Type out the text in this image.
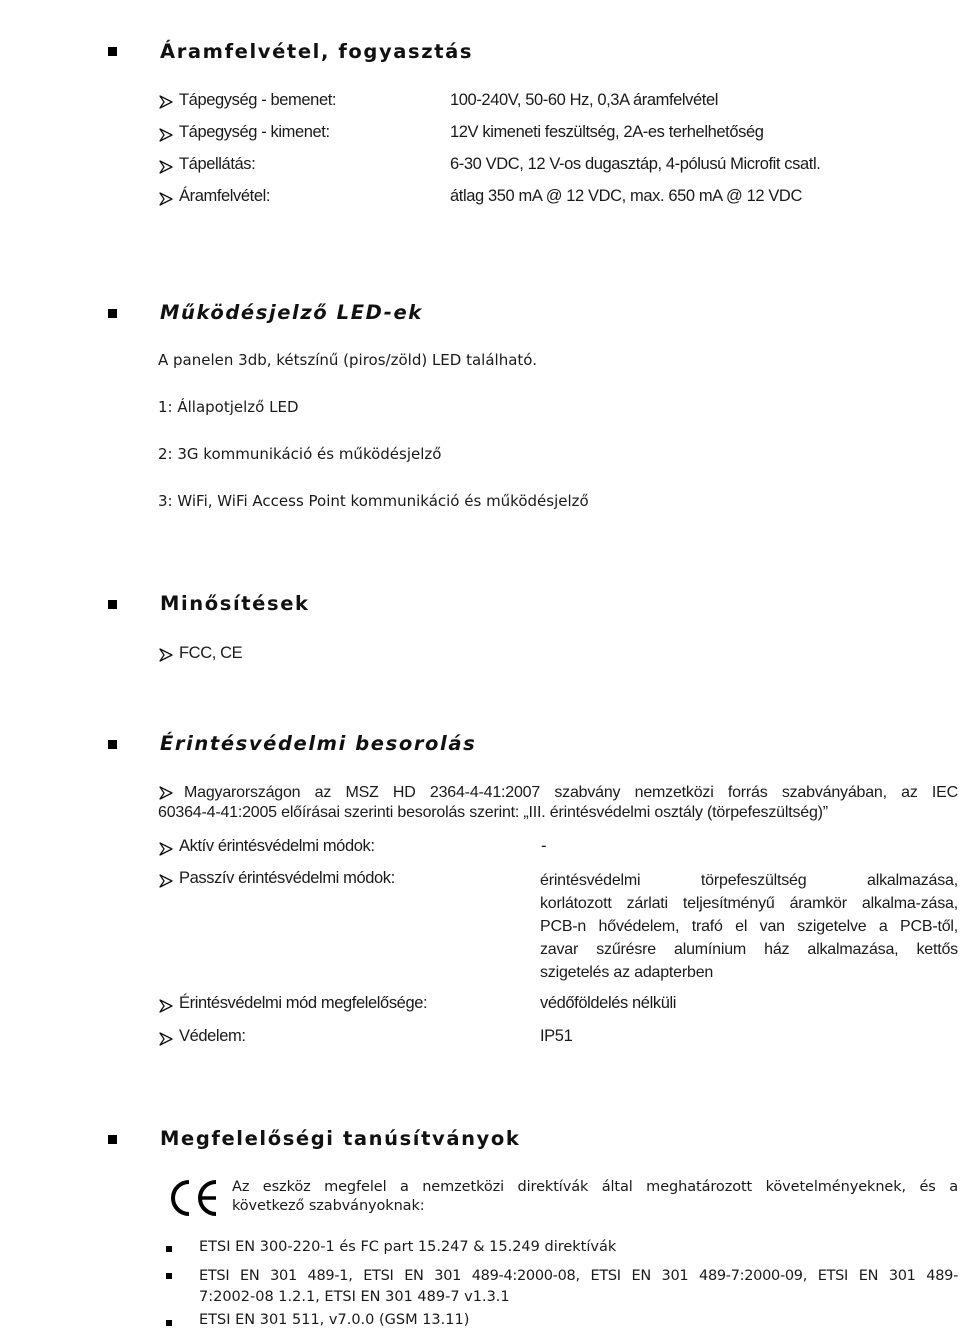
Áramfelvétel, fogyasztás
Tápegység - bemenet:	100-240V, 50-60 Hz, 0,3A áramfelvétel
Tápegység - kimenet:	12V kimeneti feszültség, 2A-es terhelhetőség
Tápellátás:	6-30 VDC, 12 V-os dugasztáp, 4-pólusú Microfit csatl.
Áramfelvétel:	átlag 350 mA @ 12 VDC, max. 650 mA @ 12 VDC
Működésjelző LED-ek
A panelen 3db, kétszínű (piros/zöld) LED található.
1: Állapotjelző LED
2: 3G kommunikáció és működésjelző
3: WiFi, WiFi Access Point kommunikáció és működésjelző
Minősítések
FCC, CE
Érintésvédelmi besorolás
Magyarországon az MSZ HD 2364-4-41:2007 szabvány nemzetközi forrás szabványában, az IEC
60364-4-41:2005 előírásai szerinti besorolás szerint: „III. érintésvédelmi osztály (törpefeszültség)”
Aktív érintésvédelmi módok:	-
Passzív érintésvédelmi módok:	érintésvédelmi törpefeszültség alkalmazása,
korlátozott zárlati teljesítményű áramkör alkalma-zása,
PCB-n hővédelem, trafó el van szigetelve a PCB-től,
zavar szűrésre alumínium ház alkalmazása, kettős
szigetelés az adapterben
Érintésvédelmi mód megfelelősége:	védőföldelés nélküli
Védelem:	IP51
Megfelelőségi tanúsítványok
Az eszköz megfelel a nemzetközi direktívák által meghatározott követelményeknek, és a
következő szabványoknak:
ETSI EN 300-220-1 és FC part 15.247 & 15.249 direktívák
ETSI EN 301 489-1, ETSI EN 301 489-4:2000-08, ETSI EN 301 489-7:2000-09, ETSI EN 301 489-
7:2002-08 1.2.1, ETSI EN 301 489-7 v1.3.1
ETSI EN 301 511, v7.0.0 (GSM 13.11)
